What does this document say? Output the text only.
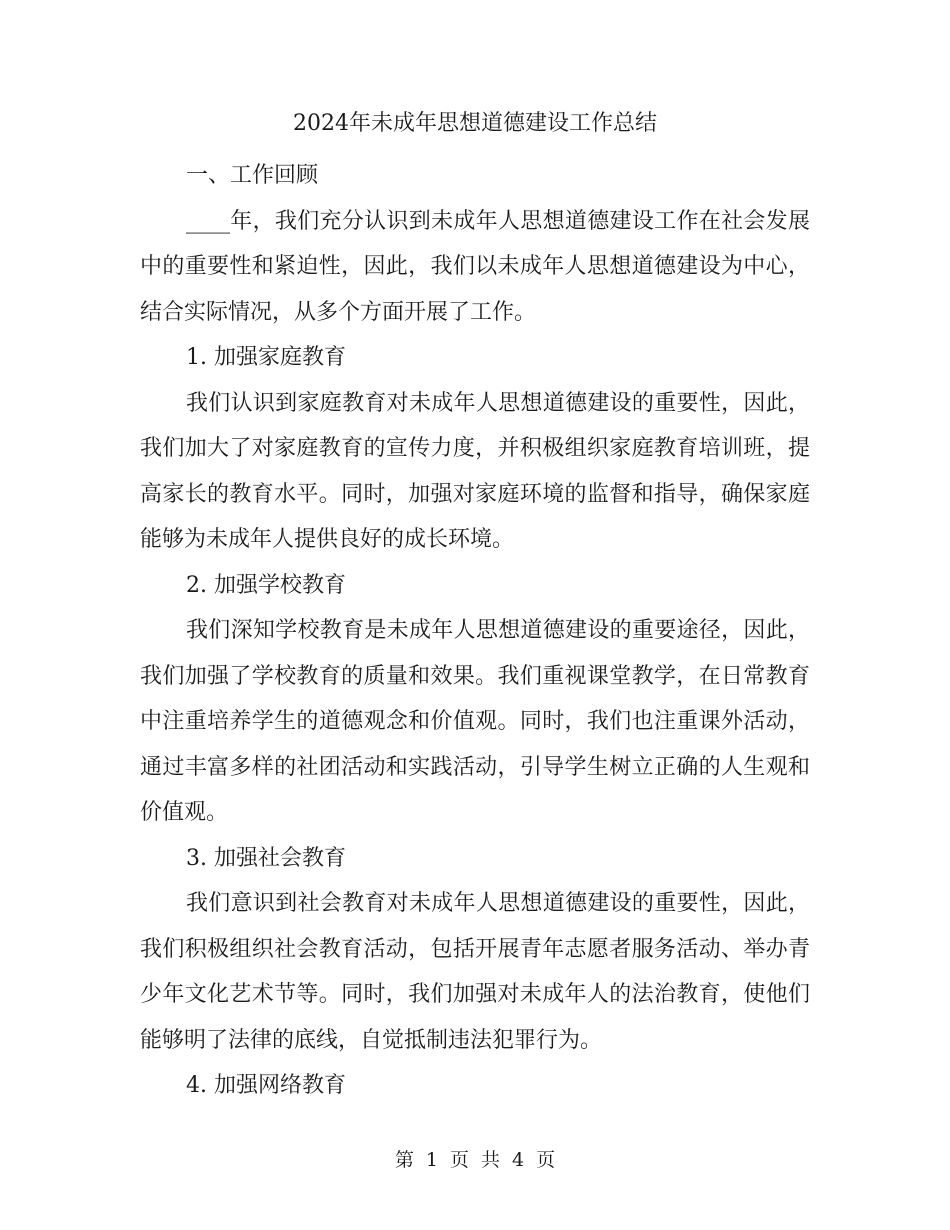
2024年未成年思想道德建设工作总结

一、工作回顾

____年，我们充分认识到未成年人思想道德建设工作在社会发展中的重要性和紧迫性，因此，我们以未成年人思想道德建设为中心，结合实际情况，从多个方面开展了工作。

1. 加强家庭教育

我们认识到家庭教育对未成年人思想道德建设的重要性，因此，我们加大了对家庭教育的宣传力度，并积极组织家庭教育培训班，提高家长的教育水平。同时，加强对家庭环境的监督和指导，确保家庭能够为未成年人提供良好的成长环境。

2. 加强学校教育

我们深知学校教育是未成年人思想道德建设的重要途径，因此，我们加强了学校教育的质量和效果。我们重视课堂教学，在日常教育中注重培养学生的道德观念和价值观。同时，我们也注重课外活动，通过丰富多样的社团活动和实践活动，引导学生树立正确的人生观和价值观。

3. 加强社会教育

我们意识到社会教育对未成年人思想道德建设的重要性，因此，我们积极组织社会教育活动，包括开展青年志愿者服务活动、举办青少年文化艺术节等。同时，我们加强对未成年人的法治教育，使他们能够明了法律的底线，自觉抵制违法犯罪行为。

4. 加强网络教育

第 1 页 共 4 页
